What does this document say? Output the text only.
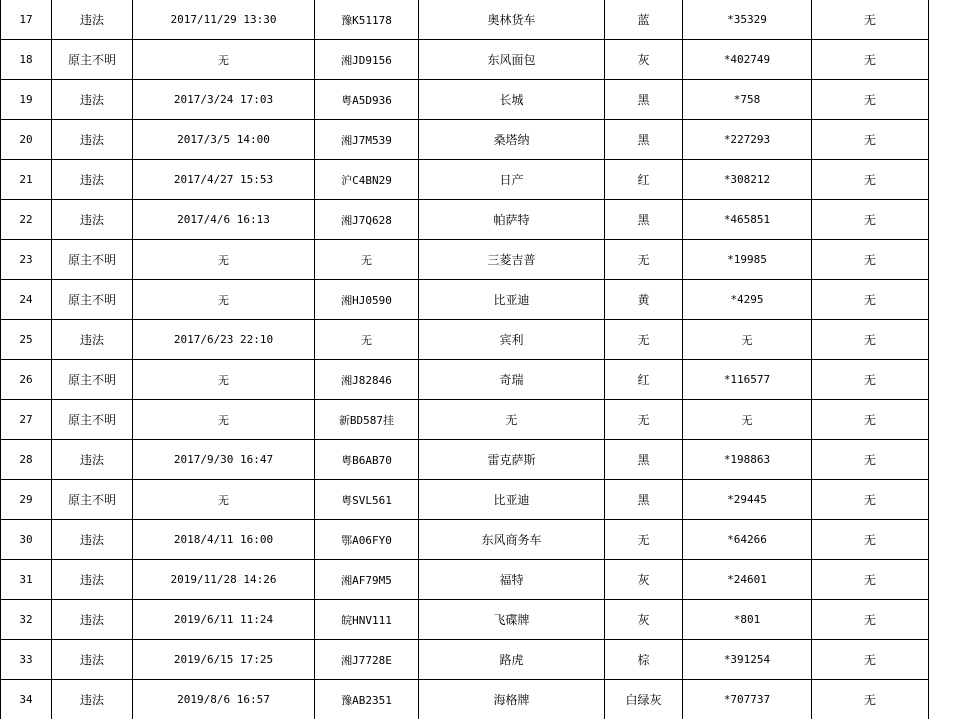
17	违法	2017/11/29 13:30	豫K51178	奥林货车	蓝	*35329	无
18	原主不明	无	湘JD9156	东风面包	灰	*402749	无
19	违法	2017/3/24 17:03	粤A5D936	长城	黑	*758	无
20	违法	2017/3/5 14:00	湘J7M539	桑塔纳	黑	*227293	无
21	违法	2017/4/27 15:53	沪C4BN29	日产	红	*308212	无
22	违法	2017/4/6 16:13	湘J7Q628	帕萨特	黑	*465851	无
23	原主不明	无	无	三菱吉普	无	*19985	无
24	原主不明	无	湘HJ0590	比亚迪	黄	*4295	无
25	违法	2017/6/23 22:10	无	宾利	无	无	无
26	原主不明	无	湘J82846	奇瑞	红	*116577	无
27	原主不明	无	新BD587挂	无	无	无	无
28	违法	2017/9/30 16:47	粤B6AB70	雷克萨斯	黑	*198863	无
29	原主不明	无	粤SVL561	比亚迪	黑	*29445	无
30	违法	2018/4/11 16:00	鄂A06FY0	东风商务车	无	*64266	无
31	违法	2019/11/28 14:26	湘AF79M5	福特	灰	*24601	无
32	违法	2019/6/11 11:24	皖HNV111	飞碟牌	灰	*801	无
33	违法	2019/6/15 17:25	湘J7728E	路虎	棕	*391254	无
34	违法	2019/8/6 16:57	豫AB2351	海格牌	白绿灰	*707737	无
